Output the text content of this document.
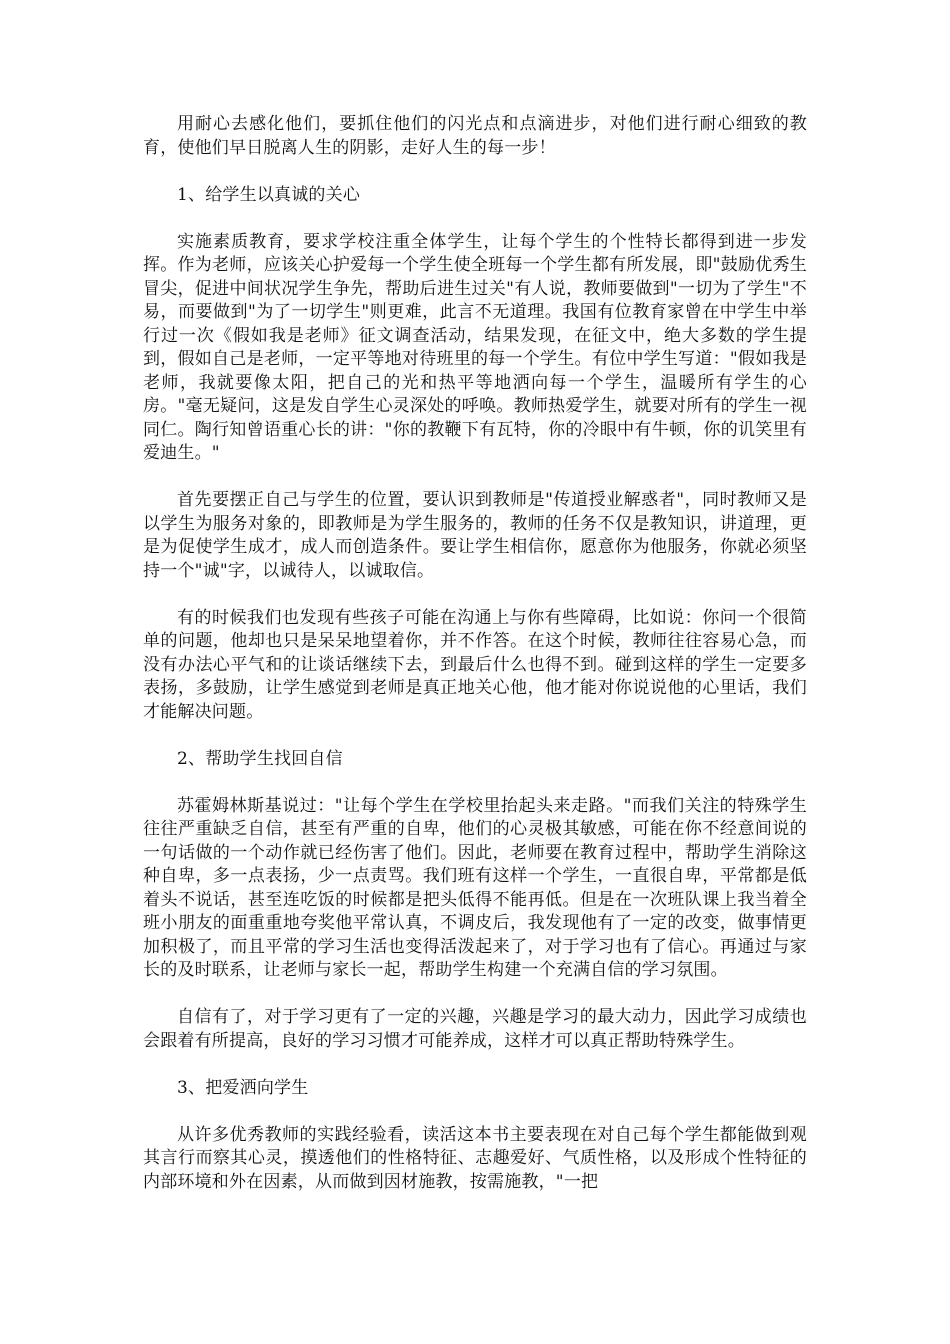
用耐心去感化他们，要抓住他们的闪光点和点滴进步，对他们进行耐心细致的教育，使他们早日脱离人生的阴影，走好人生的每一步！

1、给学生以真诚的关心

实施素质教育，要求学校注重全体学生，让每个学生的个性特长都得到进一步发挥。作为老师，应该关心护爱每一个学生使全班每一个学生都有所发展，即"鼓励优秀生冒尖，促进中间状况学生争先，帮助后进生过关"有人说，教师要做到"一切为了学生"不易，而要做到"为了一切学生"则更难，此言不无道理。我国有位教育家曾在中学生中举行过一次《假如我是老师》征文调查活动，结果发现，在征文中，绝大多数的学生提到，假如自己是老师，一定平等地对待班里的每一个学生。有位中学生写道："假如我是老师，我就要像太阳，把自己的光和热平等地洒向每一个学生，温暖所有学生的心房。"毫无疑问，这是发自学生心灵深处的呼唤。教师热爱学生，就要对所有的学生一视同仁。陶行知曾语重心长的讲："你的教鞭下有瓦特，你的冷眼中有牛顿，你的讥笑里有爱迪生。"

首先要摆正自己与学生的位置，要认识到教师是"传道授业解惑者"，同时教师又是以学生为服务对象的，即教师是为学生服务的，教师的任务不仅是教知识，讲道理，更是为促使学生成才，成人而创造条件。要让学生相信你，愿意你为他服务，你就必须坚持一个"诚"字，以诚待人，以诚取信。

有的时候我们也发现有些孩子可能在沟通上与你有些障碍，比如说：你问一个很简单的问题，他却也只是呆呆地望着你，并不作答。在这个时候，教师往往容易心急，而没有办法心平气和的让谈话继续下去，到最后什么也得不到。碰到这样的学生一定要多表扬，多鼓励，让学生感觉到老师是真正地关心他，他才能对你说说他的心里话，我们才能解决问题。

2、帮助学生找回自信

苏霍姆林斯基说过："让每个学生在学校里抬起头来走路。"而我们关注的特殊学生往往严重缺乏自信，甚至有严重的自卑，他们的心灵极其敏感，可能在你不经意间说的一句话做的一个动作就已经伤害了他们。因此，老师要在教育过程中，帮助学生消除这种自卑，多一点表扬，少一点责骂。我们班有这样一个学生，一直很自卑，平常都是低着头不说话，甚至连吃饭的时候都是把头低得不能再低。但是在一次班队课上我当着全班小朋友的面重重地夸奖他平常认真，不调皮后，我发现他有了一定的改变，做事情更加积极了，而且平常的学习生活也变得活泼起来了，对于学习也有了信心。再通过与家长的及时联系，让老师与家长一起，帮助学生构建一个充满自信的学习氛围。

自信有了，对于学习更有了一定的兴趣，兴趣是学习的最大动力，因此学习成绩也会跟着有所提高，良好的学习习惯才可能养成，这样才可以真正帮助特殊学生。

3、把爱洒向学生

从许多优秀教师的实践经验看，读活这本书主要表现在对自己每个学生都能做到观其言行而察其心灵，摸透他们的性格特征、志趣爱好、气质性格，以及形成个性特征的内部环境和外在因素，从而做到因材施教，按需施教，"一把
